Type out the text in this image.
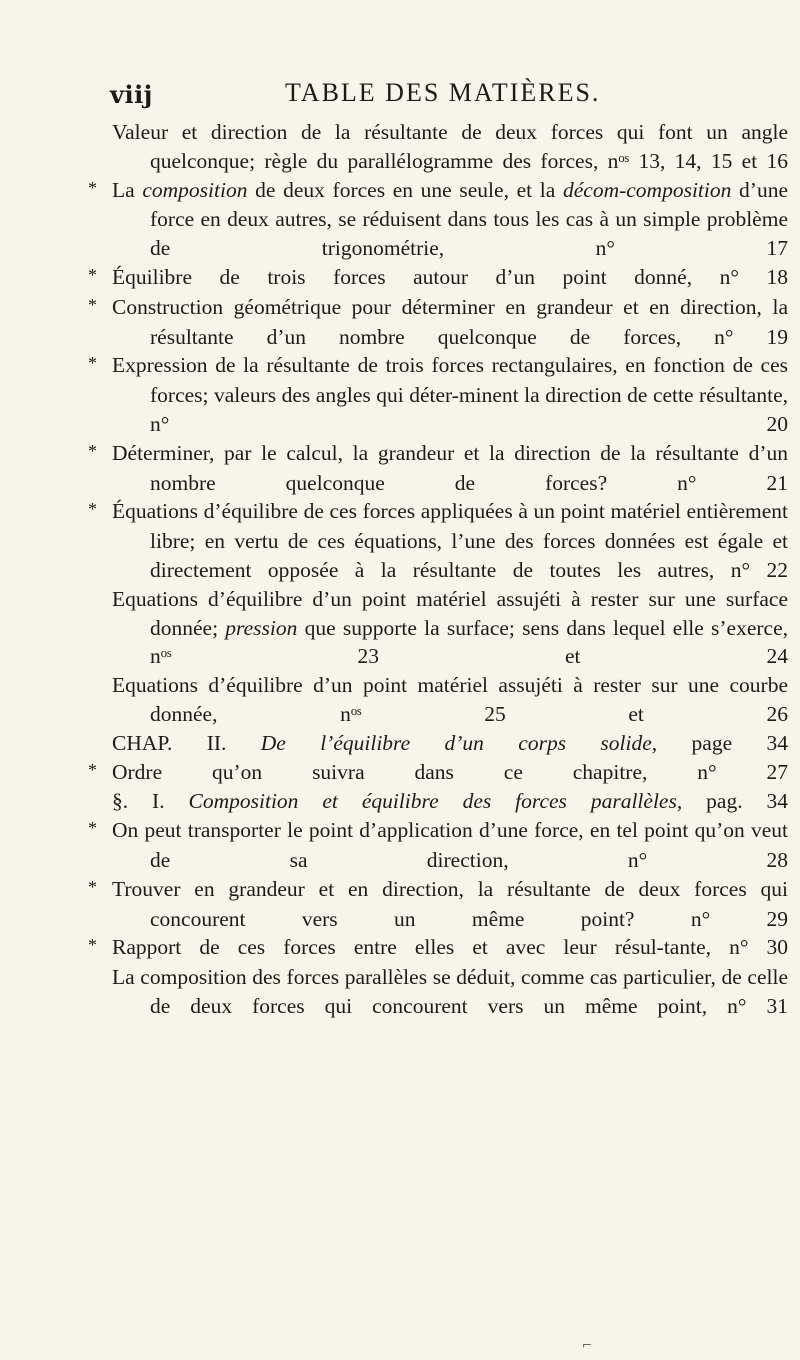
viij	TABLE DES MATIÈRES.
Valeur et direction de la résultante de deux forces qui font un angle quelconque; règle du parallélogramme des forces, nᵒˢ 13, 14, 15 et 16
* La composition de deux forces en une seule, et la décom-composition d’une force en deux autres, se réduisent dans tous les cas à un simple problème de trigonométrie,	n° 17
* Équilibre de trois forces autour d’un point donné, n° 18
* Construction géométrique pour déterminer en grandeur et en direction, la résultante d’un nombre quelconque de forces, n° 19
* Expression de la résultante de trois forces rectangulaires, en fonction de ces forces; valeurs des angles qui déter-minent la direction de cette résultante, n° 20
* Déterminer, par le calcul, la grandeur et la direction de la résultante d’un nombre quelconque de forces?	n° 21
* Équations d’équilibre de ces forces appliquées à un point matériel entièrement libre; en vertu de ces équations, l’une des forces données est égale et directement opposée à la résultante de toutes les autres, n° 22
Equations d’équilibre d’un point matériel assujéti à rester sur une surface donnée; pression que supporte la surface; sens dans lequel elle s’exerce, nᵒˢ 23 et 24
Equations d’équilibre d’un point matériel assujéti à rester sur une courbe donnée,	nᵒˢ 25 et 26
CHAP. II. De l’équilibre d’un corps solide, page 34
* Ordre qu’on suivra dans ce chapitre, n° 27
§. I. Composition et équilibre des forces parallèles, pag. 34
* On peut transporter le point d’application d’une force, en tel point qu’on veut de sa direction,	n° 28
* Trouver en grandeur et en direction, la résultante de deux forces qui concourent vers un même point?	n° 29
* Rapport de ces forces entre elles et avec leur résul-tante, n° 30
La composition des forces parallèles se déduit, comme cas particulier, de celle de deux forces qui concourent vers un même point, n° 31
⌐
